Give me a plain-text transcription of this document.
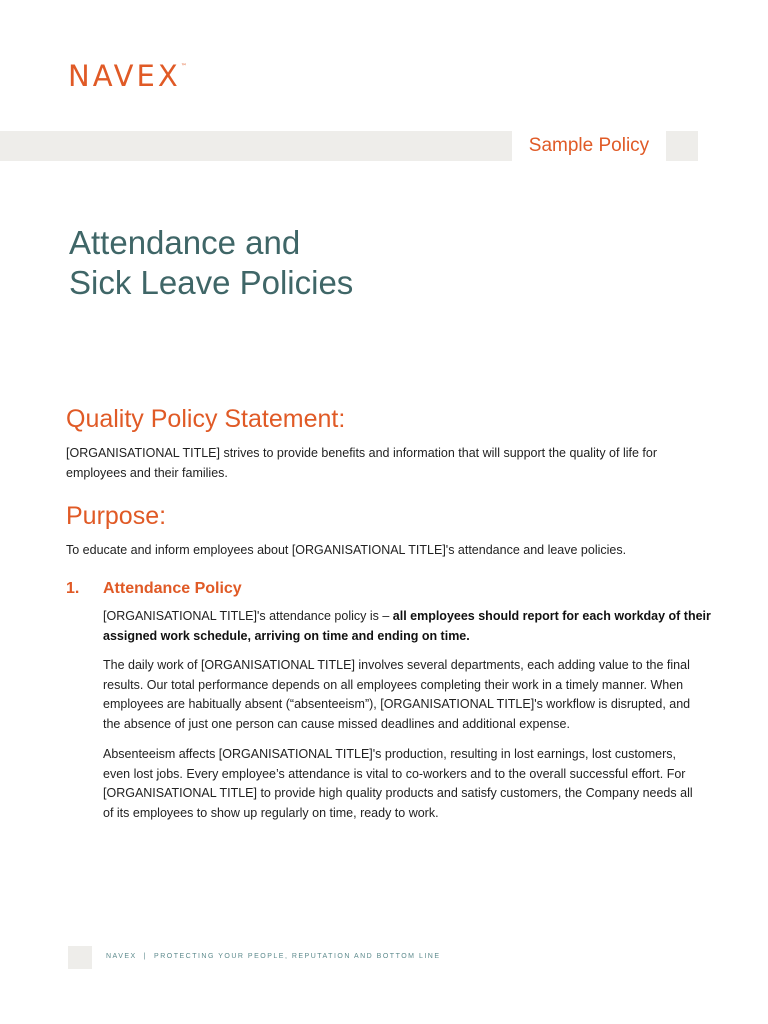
NAVEX™
Sample Policy
Attendance and
Sick Leave Policies
Quality Policy Statement:

[ORGANISATIONAL TITLE] strives to provide benefits and information that will support the quality of life for
employees and their families.

Purpose:

To educate and inform employees about [ORGANISATIONAL TITLE]'s attendance and leave policies.

1. Attendance Policy

[ORGANISATIONAL TITLE]'s attendance policy is – all employees should report for each workday of their
assigned work schedule, arriving on time and ending on time.

The daily work of [ORGANISATIONAL TITLE] involves several departments, each adding value to the final
results. Our total performance depends on all employees completing their work in a timely manner. When
employees are habitually absent (“absenteeism”), [ORGANISATIONAL TITLE]'s workflow is disrupted, and
the absence of just one person can cause missed deadlines and additional expense.

Absenteeism affects [ORGANISATIONAL TITLE]'s production, resulting in lost earnings, lost customers,
even lost jobs. Every employee’s attendance is vital to co-workers and to the overall successful effort. For
[ORGANISATIONAL TITLE] to provide high quality products and satisfy customers, the Company needs all
of its employees to show up regularly on time, ready to work.

NAVEX | PROTECTING YOUR PEOPLE, REPUTATION AND BOTTOM LINE
